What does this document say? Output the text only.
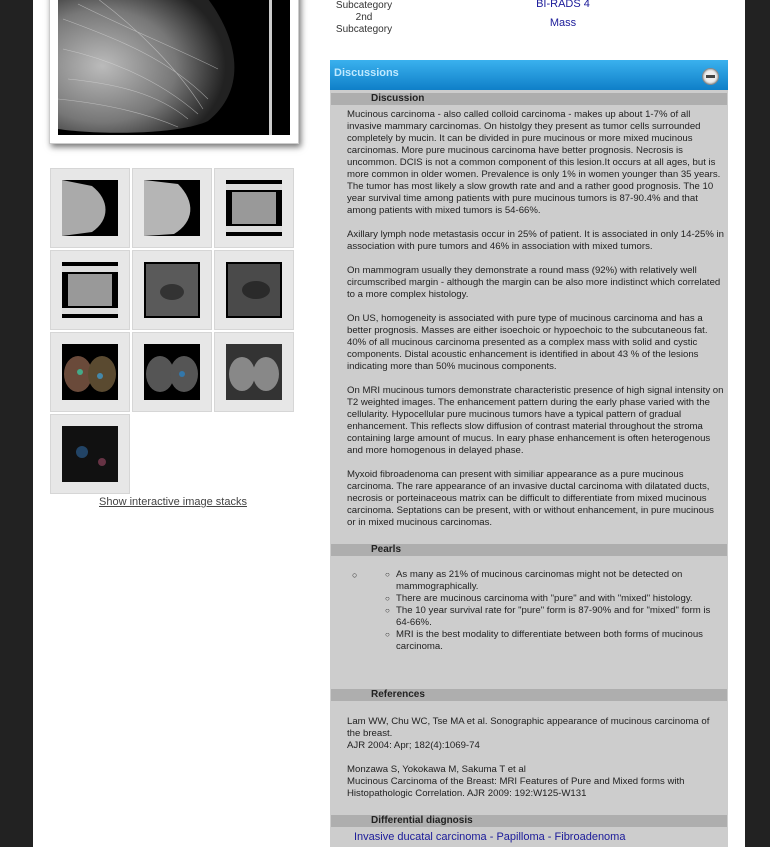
Show interactive image stacks
Subcategory
2nd
Subcategory
BI-RADS 4
Mass
Discussions
Discussion

Mucinous carcinoma - also called colloid carcinoma - makes up about 1-7% of all invasive mammary carcinomas. On histolgy they present as tumor cells surrounded completely by mucin. It can be divided in pure mucinous or more mixed mucinous carcinomas. More pure mucinous carcinoma have better prognosis. Necrosis is uncommon. DCIS is not a common component of this lesion.It occurs at all ages, but is more common in older women. Prevalence is only 1% in women younger than 35 years. The tumor has most likely a slow growth rate and and a rather good prognosis. The 10 year survival time among patients with pure mucinous tumors is 87-90.4% and that among patients with mixed tumors is 54-66%.

Axillary lymph node metastasis occur in 25% of patient. It is associated in only 14-25% in association with pure tumors and 46% in association with mixed tumors.

On mammogram usually they demonstrate a round mass (92%) with relatively well circumscribed margin - although the margin can be also more indistinct which correlated to a more complex histology.

On US, homogeneity is associated with pure type of mucinous carcinoma and has a better prognosis. Masses are either isoechoic or hypoechoic to the subcutaneous fat. 40% of all mucinous carcinoma presented as a complex mass with solid and cystic components. Distal acoustic enhancement is identified in about 43 % of the lesions indicating more than 50% mucinous components.

On MRI mucinous tumors demonstrate characteristic presence of high signal intensity on T2 weighted images. The enhancement pattern during the early phase varied with the cellularity. Hypocellular pure mucinous tumors have a typical pattern of gradual enhancement. This reflects slow diffusion of contrast material throughout the stroma containing large amount of mucus. In eary phase enhancement is often heterogenous and more homogenous in delayed phase.

Myxoid fibroadenoma can present with similiar appearance as a pure mucinous carcinoma. The rare appearance of an invasive ductal carcinoma with dilatated ducts, necrosis or porteinaceous matrix can be difficult to differentiate from mixed mucinous carcinoma. Septations can be present, with or without enhancement, in pure mucinous or in mixed mucinous carcinomas.

Pearls
○
○	As many as 21% of mucinous carcinomas might not be detected on mammographically.
○ There are mucinous carcinoma with "pure" and with "mixed" histology.
○ The 10 year survival rate for "pure" form is 87-90% and for "mixed" form is 64-66%.
○ MRI is the best modality to differentiate between both forms of mucinous carcinoma.
References
Lam WW, Chu WC, Tse MA et al. Sonographic appearance of mucinous carcinoma of the breast.
AJR 2004: Apr; 182(4):1069-74
Monzawa S, Yokokawa M, Sakuma T et al
Mucinous Carcinoma of the Breast: MRI Features of Pure and Mixed forms with Histopathologic Correlation. AJR 2009: 192:W125-W131
Differential diagnosis
Invasive ducatal carcinoma - Papilloma - Fibroadenoma
